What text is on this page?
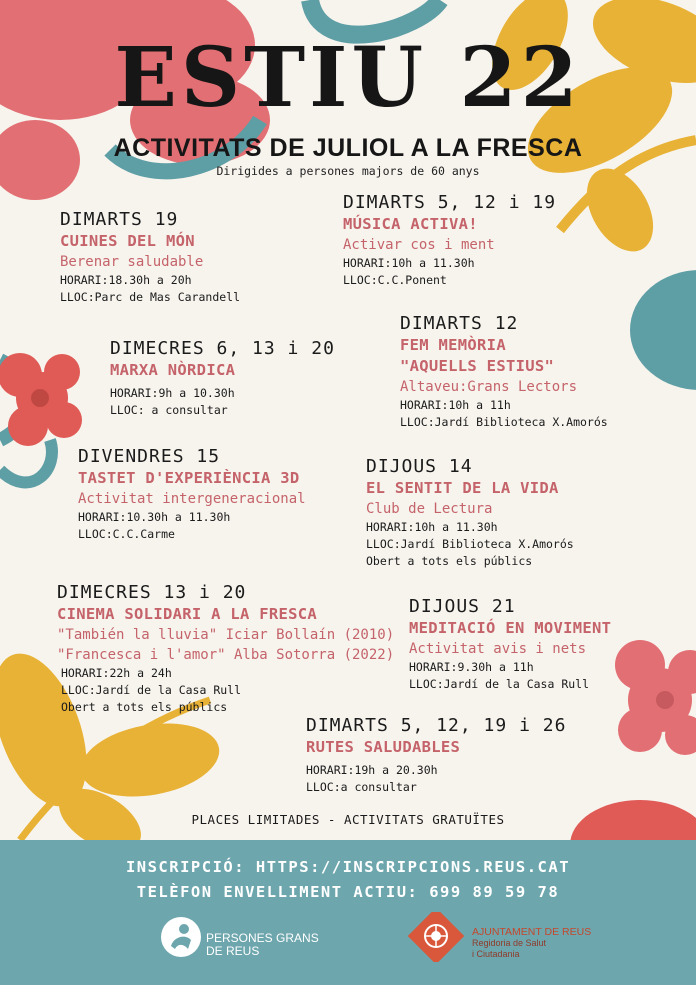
ESTIU 22
ACTIVITATS DE JULIOL A LA FRESCA
Dirigides a persones majors de 60 anys
DIMARTS 19
CUINES DEL MÓN
Berenar saludable
HORARI:18.30h a 20h
LLOC:Parc de Mas Carandell
DIMARTS 5, 12 i 19
MÚSICA ACTIVA!
Activar cos i ment
HORARI:10h a 11.30h
LLOC:C.C.Ponent
DIMARTS 12
FEM MEMÒRIA
"AQUELLS ESTIUS"
Altaveu:Grans Lectors
HORARI:10h a 11h
LLOC:Jardí Biblioteca X.Amorós
DIMECRES 6, 13 i 20
MARXA NÒRDICA
HORARI:9h a 10.30h
LLOC: a consultar
DIVENDRES 15
TASTET D'EXPERIÈNCIA 3D
Activitat intergeneracional
HORARI:10.30h a 11.30h
LLOC:C.C.Carme
DIJOUS 14
EL SENTIT DE LA VIDA
Club de Lectura
HORARI:10h a 11.30h
LLOC:Jardí Biblioteca X.Amorós
Obert a tots els públics
DIMECRES 13 i 20
CINEMA SOLIDARI A LA FRESCA
"También la lluvia" Iciar Bollaín (2010)
"Francesca i l'amor" Alba Sotorra (2022)
HORARI:22h a 24h
LLOC:Jardí de la Casa Rull
Obert a tots els públics
DIJOUS 21
MEDITACIÓ EN MOVIMENT
Activitat avis i nets
HORARI:9.30h a 11h
LLOC:Jardí de la Casa Rull
DIMARTS 5, 12, 19 i 26
RUTES SALUDABLES
HORARI:19h a 20.30h
LLOC:a consultar
PLACES LIMITADES - ACTIVITATS GRATUÏTES
INSCRIPCIÓ: HTTPS://INSCRIPCIONS.REUS.CAT
TELÈFON ENVELLIMENT ACTIU: 699 89 59 78
PERSONES GRANS
DE REUS
AJUNTAMENT DE REUS
Regidoria de Salut
i Ciutadania
